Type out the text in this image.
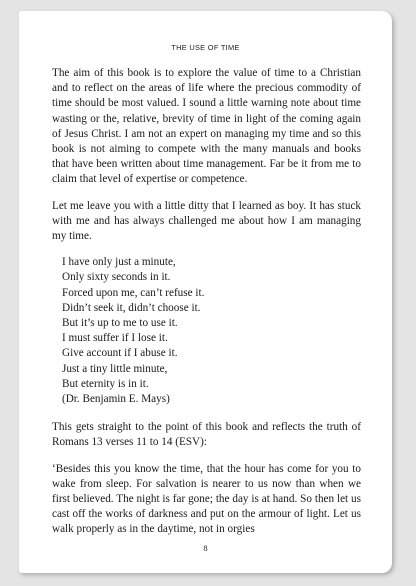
THE USE OF TIME

The aim of this book is to explore the value of time to a Christian and to reflect on the areas of life where the precious commodity of time should be most valued. I sound a little warning note about time wasting or the, relative, brevity of time in light of the coming again of Jesus Christ. I am not an expert on managing my time and so this book is not aiming to compete with the many manuals and books that have been written about time management. Far be it from me to claim that level of expertise or competence.

Let me leave you with a little ditty that I learned as boy. It has stuck with me and has always challenged me about how I am managing my time.

I have only just a minute,
Only sixty seconds in it.
Forced upon me, can’t refuse it.
Didn’t seek it, didn’t choose it.
But it’s up to me to use it.
I must suffer if I lose it.
Give account if I abuse it.
Just a tiny little minute,
But eternity is in it.
(Dr. Benjamin E. Mays)

This gets straight to the point of this book and reflects the truth of Romans 13 verses 11 to 14 (ESV):

‘Besides this you know the time, that the hour has come for you to wake from sleep. For salvation is nearer to us now than when we first believed. The night is far gone; the day is at hand. So then let us cast off the works of darkness and put on the armour of light. Let us walk properly as in the daytime, not in orgies

8
